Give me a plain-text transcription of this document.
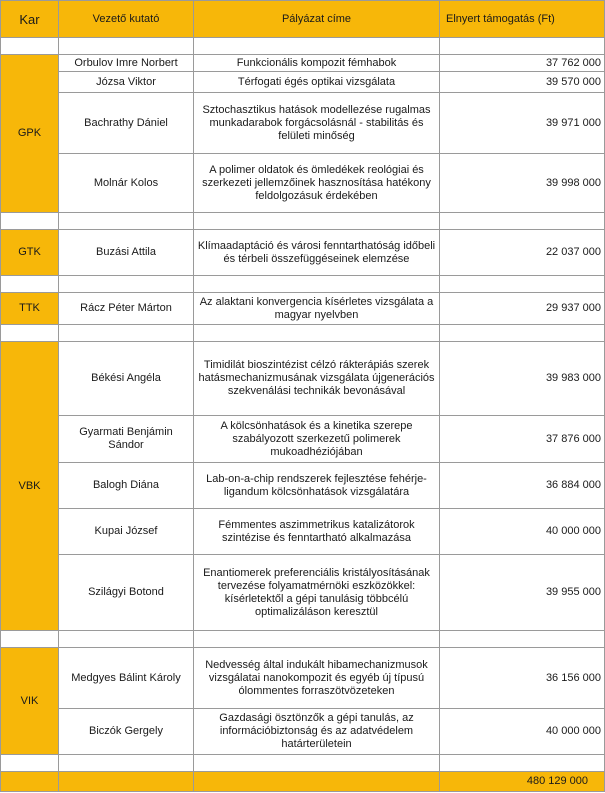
Kar	Vezető kutató	Pályázat címe	Elnyert támogatás (Ft)

GPK	Orbulov Imre Norbert	Funkcionális kompozit fémhabok	37 762 000
	Józsa Viktor	Térfogati égés optikai vizsgálata	39 570 000
	Bachrathy Dániel	Sztochasztikus hatások modellezése rugalmas munkadarabok forgácsolásnál - stabilitás és felületi minőség	39 971 000
	Molnár Kolos	A polimer oldatok és ömledékek reológiai és szerkezeti jellemzőinek hasznosítása hatékony feldolgozásuk érdekében	39 998 000

GTK	Buzási Attila	Klímaadaptáció és városi fenntarthatóság időbeli és térbeli összefüggéseinek elemzése	22 037 000

TTK	Rácz Péter Márton	Az alaktani konvergencia kísérletes vizsgálata a magyar nyelvben	29 937 000

VBK	Békési Angéla	Timidilát bioszintézist célzó rákterápiás szerek hatásmechanizmusának vizsgálata újgenerációs szekvenálási technikák bevonásával	39 983 000
	Gyarmati Benjámin Sándor	A kölcsönhatások és a kinetika szerepe szabályozott szerkezetű polimerek mukoadhéziójában	37 876 000
	Balogh Diána	Lab-on-a-chip rendszerek fejlesztése fehérje-ligandum kölcsönhatások vizsgálatára	36 884 000
	Kupai József	Fémmentes aszimmetrikus katalizátorok szintézise és fenntartható alkalmazása	40 000 000
	Szilágyi Botond	Enantiomerek preferenciális kristályosításának tervezése folyamatmérnöki eszközökkel: kísérletektől a gépi tanulásig többcélú optimalizáláson keresztül	39 955 000

VIK	Medgyes Bálint Károly	Nedvesség által indukált hibamechanizmusok vizsgálatai nanokompozit és egyéb új típusú ólommentes forraszötvözeteken	36 156 000
	Biczók Gergely	Gazdasági ösztönzők a gépi tanulás, az információbiztonság és az adatvédelem határterületein	40 000 000

			480 129 000
